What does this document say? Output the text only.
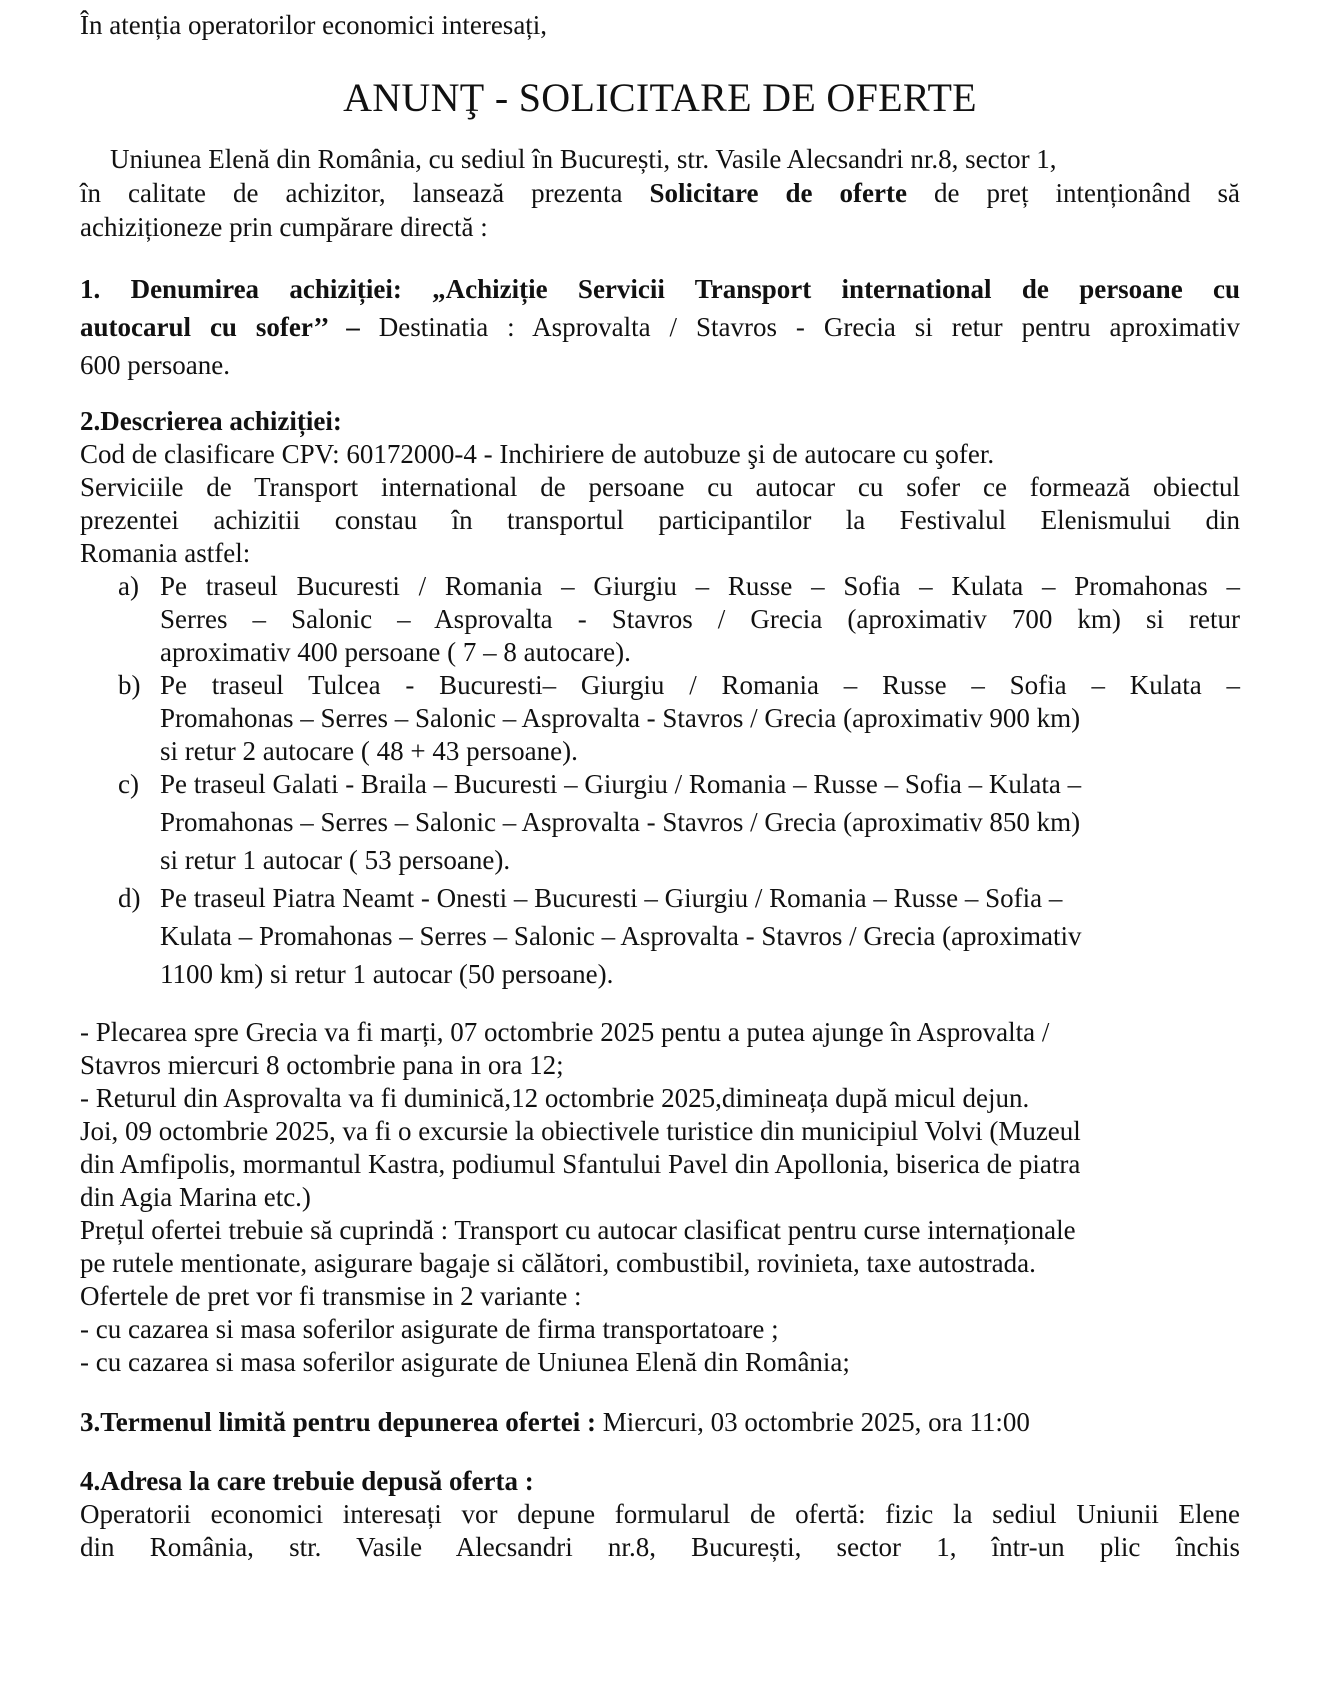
În atenția operatorilor economici interesați,
ANUNŢ - SOLICITARE DE OFERTE
Uniunea Elenă din România, cu sediul în București, str. Vasile Alecsandri nr.8, sector 1,
în calitate de achizitor, lansează prezenta Solicitare de oferte de preț intenționând să
achiziționeze prin cumpărare directă :
1. Denumirea achiziției: „Achiziție Servicii Transport international de persoane cu
autocarul cu sofer’’ – Destinatia : Asprovalta / Stavros - Grecia si retur pentru aproximativ
600 persoane.
2.Descrierea achiziției:
Cod de clasificare CPV: 60172000-4 - Inchiriere de autobuze şi de autocare cu şofer.
Serviciile de Transport international de persoane cu autocar cu sofer ce formează obiectul
prezentei achizitii constau în transportul participantilor la Festivalul Elenismului din
Romania astfel:
a) Pe traseul Bucuresti / Romania – Giurgiu – Russe – Sofia – Kulata – Promahonas –
Serres – Salonic – Asprovalta - Stavros / Grecia (aproximativ 700 km) si retur
aproximativ 400 persoane ( 7 – 8 autocare).
b) Pe traseul Tulcea - Bucuresti– Giurgiu / Romania – Russe – Sofia – Kulata –
Promahonas – Serres – Salonic – Asprovalta - Stavros / Grecia (aproximativ 900 km)
si retur 2 autocare ( 48 + 43 persoane).
c) Pe traseul Galati - Braila – Bucuresti – Giurgiu / Romania – Russe – Sofia – Kulata –
Promahonas – Serres – Salonic – Asprovalta - Stavros / Grecia (aproximativ 850 km)
si retur 1 autocar ( 53 persoane).
d) Pe traseul Piatra Neamt - Onesti – Bucuresti – Giurgiu / Romania – Russe – Sofia –
Kulata – Promahonas – Serres – Salonic – Asprovalta - Stavros / Grecia (aproximativ
1100 km) si retur 1 autocar (50 persoane).
- Plecarea spre Grecia va fi marți, 07 octombrie 2025 pentu a putea ajunge în Asprovalta /
Stavros miercuri 8 octombrie pana in ora 12;
- Returul din Asprovalta va fi duminică,12 octombrie 2025,dimineața după micul dejun.
Joi, 09 octombrie 2025, va fi o excursie la obiectivele turistice din municipiul Volvi (Muzeul
din Amfipolis, mormantul Kastra, podiumul Sfantului Pavel din Apollonia, biserica de piatra
din Agia Marina etc.)
Prețul ofertei trebuie să cuprindă : Transport cu autocar clasificat pentru curse internaționale
pe rutele mentionate, asigurare bagaje si călători, combustibil, rovinieta, taxe autostrada.
Ofertele de pret vor fi transmise in 2 variante :
- cu cazarea si masa soferilor asigurate de firma transportatoare ;
- cu cazarea si masa soferilor asigurate de Uniunea Elenă din România;
3.Termenul limită pentru depunerea ofertei : Miercuri, 03 octombrie 2025, ora 11:00
4.Adresa la care trebuie depusă oferta :
Operatorii economici interesați vor depune formularul de ofertă: fizic la sediul Uniunii Elene
din România, str. Vasile Alecsandri nr.8, București, sector 1, într-un plic închis
